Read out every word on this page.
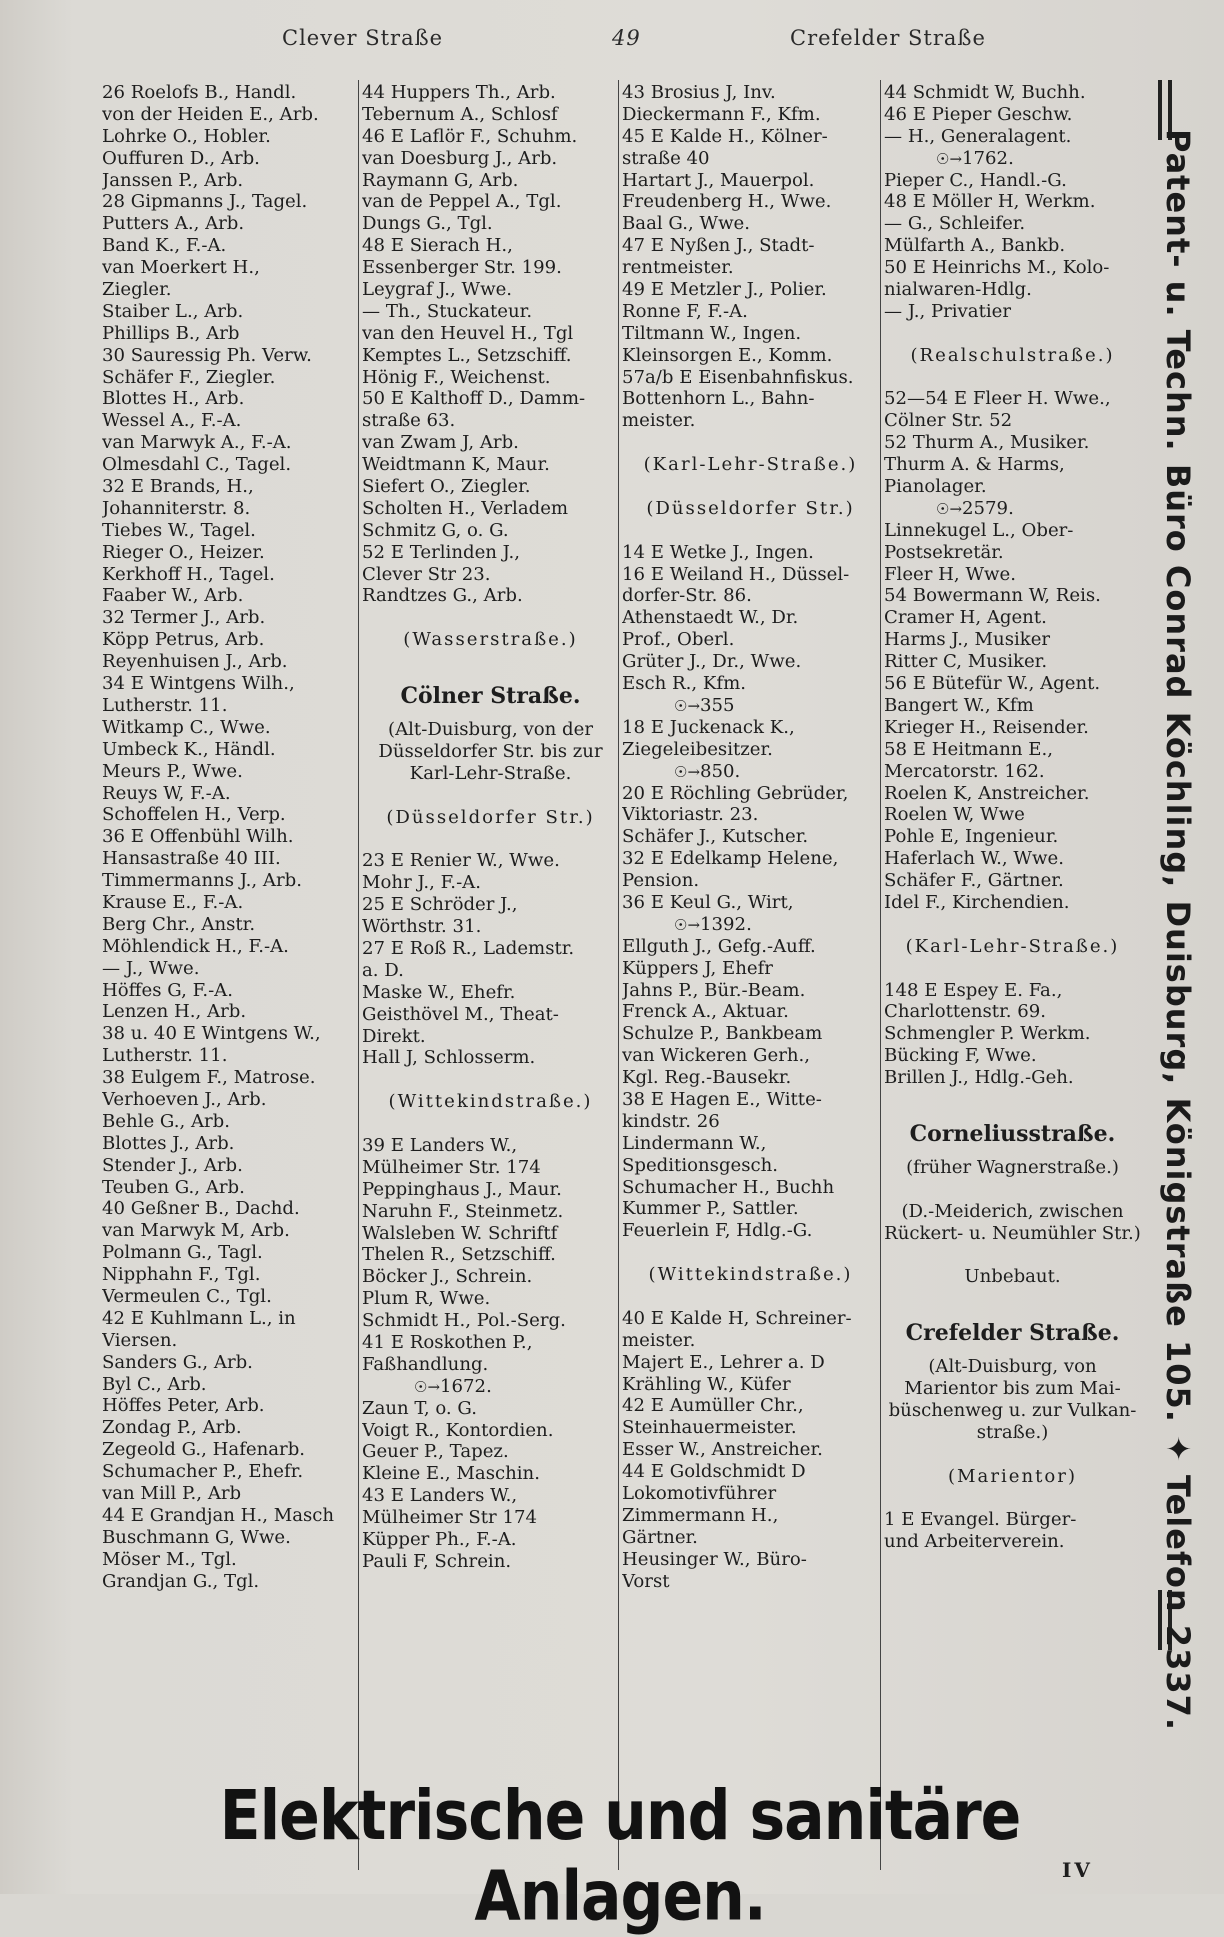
Clever Straße	49	Crefelder Straße
26 Roelofs B., Handl.
von der Heiden E., Arb.
Lohrke O., Hobler.
Ouffuren D., Arb.
Janssen P., Arb.
28 Gipmanns J., Tagel.
Putters A., Arb.
Band K., F.-A.
van Moerkert H.,
Ziegler.
Staiber L., Arb.
Phillips B., Arb
30 Sauressig Ph. Verw.
Schäfer F., Ziegler.
Blottes H., Arb.
Wessel A., F.-A.
van Marwyk A., F.-A.
Olmesdahl C., Tagel.
32 E Brands, H.,
Johanniterstr. 8.
Tiebes W., Tagel.
Rieger O., Heizer.
Kerkhoff H., Tagel.
Faaber W., Arb.
32 Termer J., Arb.
Köpp Petrus, Arb.
Reyenhuisen J., Arb.
34 E Wintgens Wilh.,
Lutherstr. 11.
Witkamp C., Wwe.
Umbeck K., Händl.
Meurs P., Wwe.
Reuys W, F.-A.
Schoffelen H., Verp.
36 E Offenbühl Wilh.
Hansastraße 40 III.
Timmermanns J., Arb.
Krause E., F.-A.
Berg Chr., Anstr.
Möhlendick H., F.-A.
— J., Wwe.
Höffes G, F.-A.
Lenzen H., Arb.
38 u. 40 E Wintgens W.,
Lutherstr. 11.
38 Eulgem F., Matrose.
Verhoeven J., Arb.
Behle G., Arb.
Blottes J., Arb.
Stender J., Arb.
Teuben G., Arb.
40 Geßner B., Dachd.
van Marwyk M, Arb.
Polmann G., Tagl.
Nipphahn F., Tgl.
Vermeulen C., Tgl.
42 E Kuhlmann L., in
Viersen.
Sanders G., Arb.
Byl C., Arb.
Höffes Peter, Arb.
Zondag P., Arb.
Zegeold G., Hafenarb.
Schumacher P., Ehefr.
van Mill P., Arb
44 E Grandjan H., Masch
Buschmann G, Wwe.
Möser M., Tgl.
Grandjan G., Tgl.
44 Huppers Th., Arb.
Tebernum A., Schlosf
46 E Laflör F., Schuhm.
van Doesburg J., Arb.
Raymann G, Arb.
van de Peppel A., Tgl.
Dungs G., Tgl.
48 E Sierach H.,
Essenberger Str. 199.
Leygraf J., Wwe.
— Th., Stuckateur.
van den Heuvel H., Tgl
Kemptes L., Setzschiff.
Hönig F., Weichenst.
50 E Kalthoff D., Damm-
straße 63.
van Zwam J, Arb.
Weidtmann K, Maur.
Siefert O., Ziegler.
Scholten H., Verladem
Schmitz G, o. G.
52 E Terlinden J.,
Clever Str 23.
Randtzes G., Arb.
(Wasserstraße.)
Cölner Straße.
(Alt-Duisburg, von der
Düsseldorfer Str. bis zur
Karl-Lehr-Straße.
(Düsseldorfer Str.)
23 E Renier W., Wwe.
Mohr J., F.-A.
25 E Schröder J.,
Wörthstr. 31.
27 E Roß R., Lademstr.
a. D.
Maske W., Ehefr.
Geisthövel M., Theat-
Direkt.
Hall J, Schlosserm.
(Wittekindstraße.)
39 E Landers W.,
Mülheimer Str. 174
Peppinghaus J., Maur.
Naruhn F., Steinmetz.
Walsleben W. Schriftf
Thelen R., Setzschiff.
Böcker J., Schrein.
Plum R, Wwe.
Schmidt H., Pol.-Serg.
41 E Roskothen P.,
Faßhandlung.
☉→ 1672.
Zaun T, o. G.
Voigt R., Kontordien.
Geuer P., Tapez.
Kleine E., Maschin.
43 E Landers W.,
Mülheimer Str 174
Küpper Ph., F.-A.
Pauli F, Schrein.
43 Brosius J, Inv.
Dieckermann F., Kfm.
45 E Kalde H., Kölner-
straße 40
Hartart J., Mauerpol.
Freudenberg H., Wwe.
Baal G., Wwe.
47 E Nyßen J., Stadt-
rentmeister.
49 E Metzler J., Polier.
Ronne F, F.-A.
Tiltmann W., Ingen.
Kleinsorgen E., Komm.
57a/b E Eisenbahnfiskus.
Bottenhorn L., Bahn-
meister.
(Karl-Lehr-Straße.)
(Düsseldorfer Str.)
14 E Wetke J., Ingen.
16 E Weiland H., Düssel-
dorfer-Str. 86.
Athenstaedt W., Dr.
Prof., Oberl.
Grüter J., Dr., Wwe.
Esch R., Kfm.
☉→ 355
18 E Juckenack K.,
Ziegeleibesitzer.
☉→ 850.
20 E Röchling Gebrüder,
Viktoriastr. 23.
Schäfer J., Kutscher.
32 E Edelkamp Helene,
Pension.
36 E Keul G., Wirt,
☉→ 1392.
Ellguth J., Gefg.-Auff.
Küppers J, Ehefr
Jahns P., Bür.-Beam.
Frenck A., Aktuar.
Schulze P., Bankbeam
van Wickeren Gerh.,
Kgl. Reg.-Bausekr.
38 E Hagen E., Witte-
kindstr. 26
Lindermann W.,
Speditionsgesch.
Schumacher H., Buchh
Kummer P., Sattler.
Feuerlein F, Hdlg.-G.
(Wittekindstraße.)
40 E Kalde H, Schreiner-
meister.
Majert E., Lehrer a. D
Krähling W., Küfer
42 E Aumüller Chr.,
Steinhauermeister.
Esser W., Anstreicher.
44 E Goldschmidt D
Lokomotivführer
Zimmermann H.,
Gärtner.
Heusinger W., Büro-
Vorst
44 Schmidt W, Buchh.
46 E Pieper Geschw.
— H., Generalagent.
☉→ 1762.
Pieper C., Handl.-G.
48 E Möller H, Werkm.
— G., Schleifer.
Mülfarth A., Bankb.
50 E Heinrichs M., Kolo-
nialwaren-Hdlg.
— J., Privatier
(Realschulstraße.)
52—54 E Fleer H. Wwe.,
Cölner Str. 52
52 Thurm A., Musiker.
Thurm A. & Harms,
Pianolager.
☉→ 2579.
Linnekugel L., Ober-
Postsekretär.
Fleer H, Wwe.
54 Bowermann W, Reis.
Cramer H, Agent.
Harms J., Musiker
Ritter C, Musiker.
56 E Bütefür W., Agent.
Bangert W., Kfm
Krieger H., Reisender.
58 E Heitmann E.,
Mercatorstr. 162.
Roelen K, Anstreicher.
Roelen W, Wwe
Pohle E, Ingenieur.
Haferlach W., Wwe.
Schäfer F., Gärtner.
Idel F., Kirchendien.
(Karl-Lehr-Straße.)
148 E Espey E. Fa.,
Charlottenstr. 69.
Schmengler P. Werkm.
Bücking F, Wwe.
Brillen J., Hdlg.-Geh.
Corneliusstraße.
(früher Wagnerstraße.)
(D.-Meiderich, zwischen
Rückert- u. Neumühler Str.)
Unbebaut.
Crefelder Straße.
(Alt-Duisburg, von
Marientor bis zum Mai-
büschenweg u. zur Vulkan-
straße.)
(Marientor)
1 E Evangel. Bürger-
und Arbeiterverein.	Patent- u. Techn. Büro Conrad Köchling, Duisburg, Königstraße 105. ✦ Telefon 2337.
Elektrische und sanitäre Anlagen.	IV
